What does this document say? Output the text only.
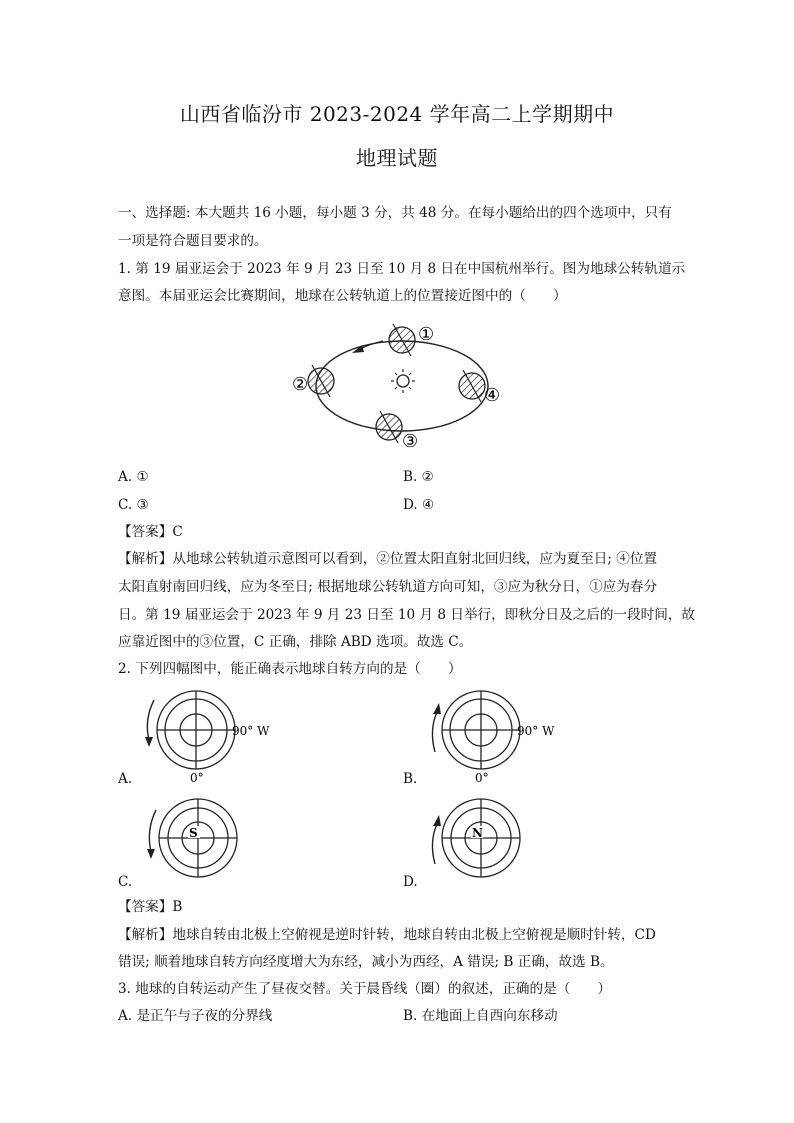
山西省临汾市 2023-2024 学年高二上学期期中
地理试题
一、选择题: 本大题共 16 小题，每小题 3 分，共 48 分。在每小题给出的四个选项中，只有
一项是符合题目要求的。
1. 第 19 届亚运会于 2023 年 9 月 23 日至 10 月 8 日在中国杭州举行。图为地球公转轨道示
意图。本届亚运会比赛期间，地球在公转轨道上的位置接近图中的（　　）
①
②
③
④
A. ①	B. ②
C. ③	D. ④
【答案】C
【解析】从地球公转轨道示意图可以看到，②位置太阳直射北回归线，应为夏至日; ④位置
太阳直射南回归线，应为冬至日; 根据地球公转轨道方向可知，③应为秋分日，①应为春分
日。第 19 届亚运会于 2023 年 9 月 23 日至 10 月 8 日举行，即秋分日及之后的一段时间，故
应靠近图中的③位置，C 正确，排除 ABD 选项。故选 C。
2. 下列四幅图中，能正确表示地球自转方向的是（　　）
90° W
0°
A.
90° W
0°
B.
S
C.
N
D.
【答案】B
【解析】地球自转由北极上空俯视是逆时针转，地球自转由北极上空俯视是顺时针转，CD
错误; 顺着地球自转方向经度增大为东经，减小为西经，A 错误; B 正确，故选 B。
3. 地球的自转运动产生了昼夜交替。关于晨昏线（圈）的叙述，正确的是（　　）
A. 是正午与子夜的分界线	B. 在地面上自西向东移动
